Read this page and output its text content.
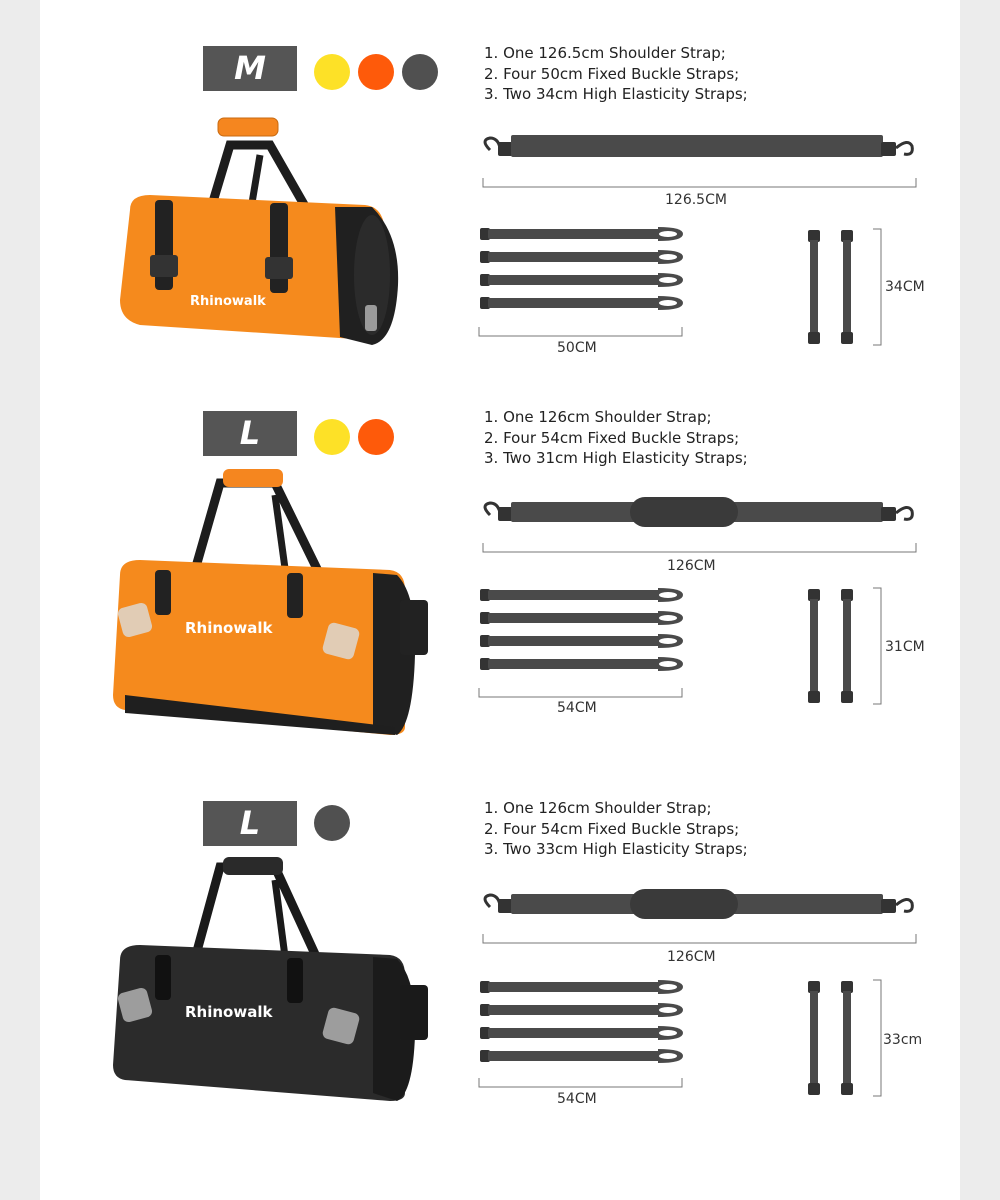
M	1. One 126.5cm Shoulder Strap;
2. Four 50cm Fixed Buckle Straps;
3. Two 34cm High Elasticity Straps;
Rhinowalk
126.5CM
50CM
34CM
L	1. One 126cm Shoulder Strap;
2. Four 54cm Fixed Buckle Straps;
3. Two 31cm High Elasticity Straps;
Rhinowalk
126CM
54CM
31CM
L	1. One 126cm Shoulder Strap;
2. Four 54cm Fixed Buckle Straps;
3. Two 33cm High Elasticity Straps;
Rhinowalk
126CM
54CM
33cm
